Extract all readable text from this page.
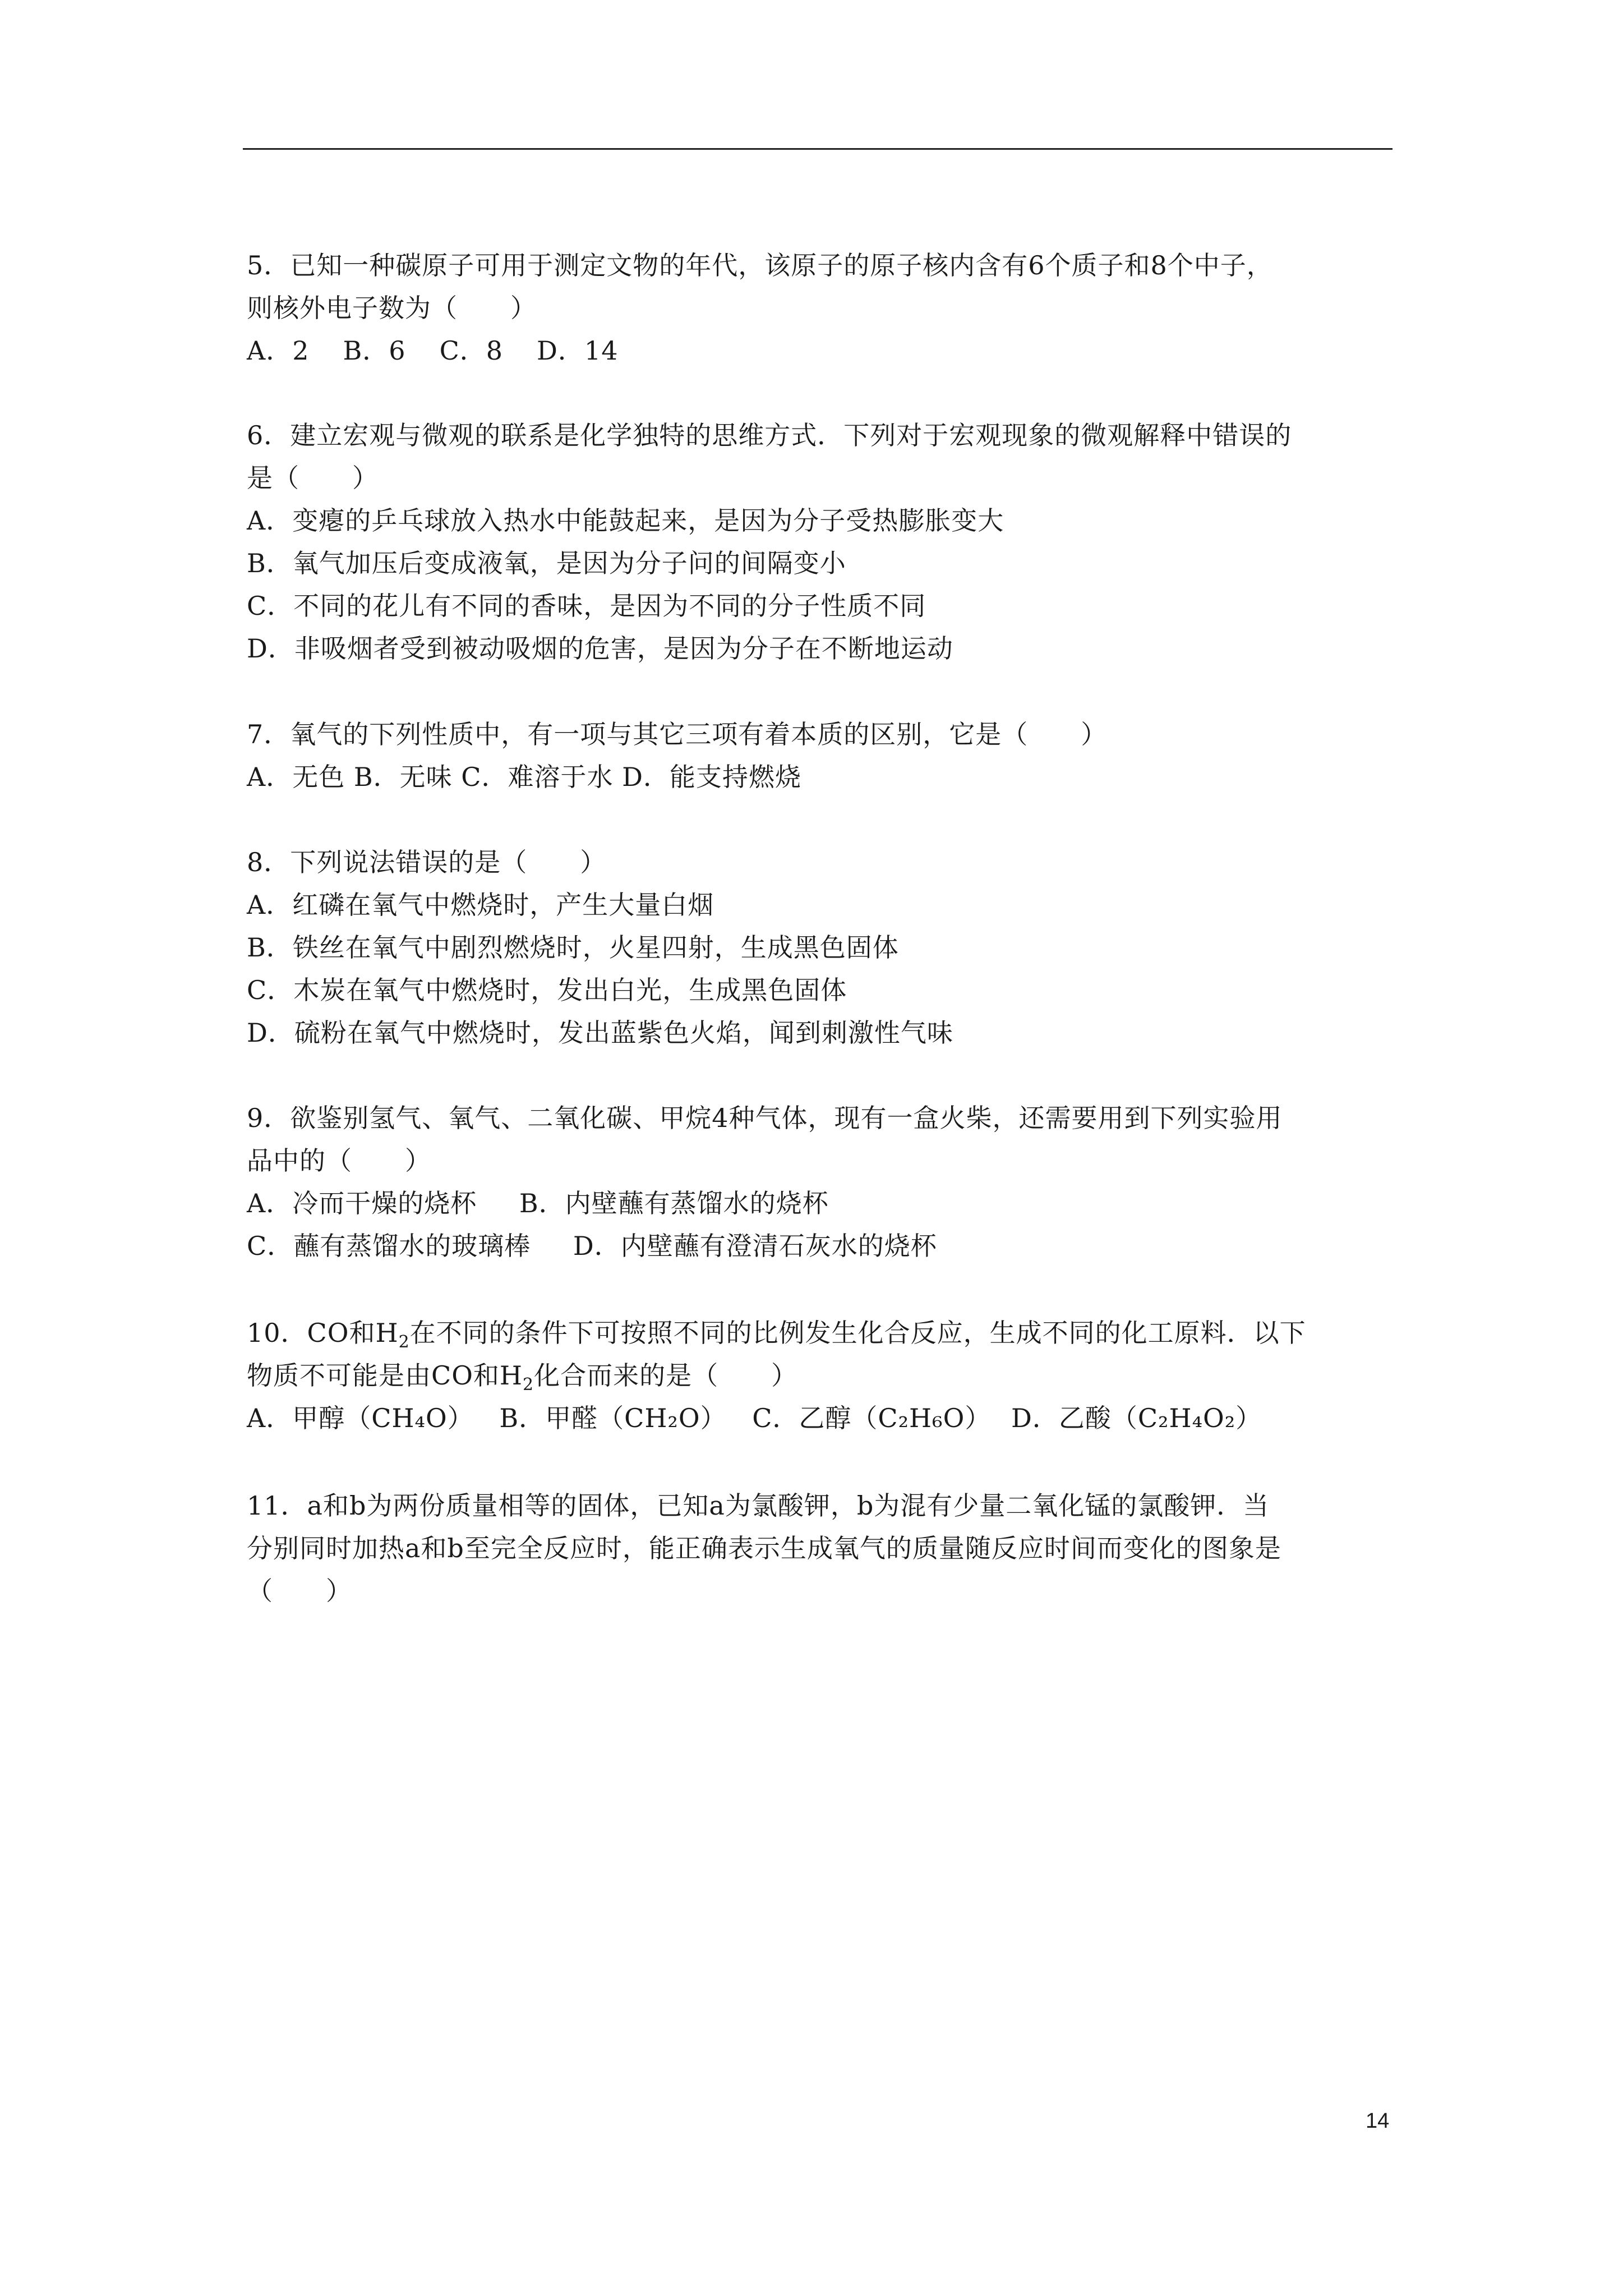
5．已知一种碳原子可用于测定文物的年代，该原子的原子核内含有6个质子和8个中子，
则核外电子数为（　　）
A．2 B．6 C．8 D．14
6．建立宏观与微观的联系是化学独特的思维方式．下列对于宏观现象的微观解释中错误的
是（　　）
A．变瘪的乒乓球放入热水中能鼓起来，是因为分子受热膨胀变大
B．氧气加压后变成液氧，是因为分子问的间隔变小
C．不同的花儿有不同的香味，是因为不同的分子性质不同
D．非吸烟者受到被动吸烟的危害，是因为分子在不断地运动
7．氧气的下列性质中，有一项与其它三项有着本质的区别，它是（　　）
A．无色 B．无味 C．难溶于水 D．能支持燃烧
8．下列说法错误的是（　　）
A．红磷在氧气中燃烧时，产生大量白烟
B．铁丝在氧气中剧烈燃烧时，火星四射，生成黑色固体
C．木炭在氧气中燃烧时，发出白光，生成黑色固体
D．硫粉在氧气中燃烧时，发出蓝紫色火焰，闻到刺激性气味
9．欲鉴别氢气、氧气、二氧化碳、甲烷4种气体，现有一盒火柴，还需要用到下列实验用
品中的（　　）
A．冷而干燥的烧杯 B．内壁蘸有蒸馏水的烧杯
C．蘸有蒸馏水的玻璃棒 D．内壁蘸有澄清石灰水的烧杯
10．CO和$H_2$在不同的条件下可按照不同的比例发生化合反应，生成不同的化工原料．以下
物质不可能是由CO和$H_2$化合而来的是（　　）
A．甲醇（CH₄O） B．甲醛（CH₂O） C．乙醇（C₂H₆O） D．乙酸（C₂H₄O₂）
11．a和b为两份质量相等的固体，已知a为氯酸钾，b为混有少量二氧化锰的氯酸钾．当
分别同时加热a和b至完全反应时，能正确表示生成氧气的质量随反应时间而变化的图象是
（　　）
14
